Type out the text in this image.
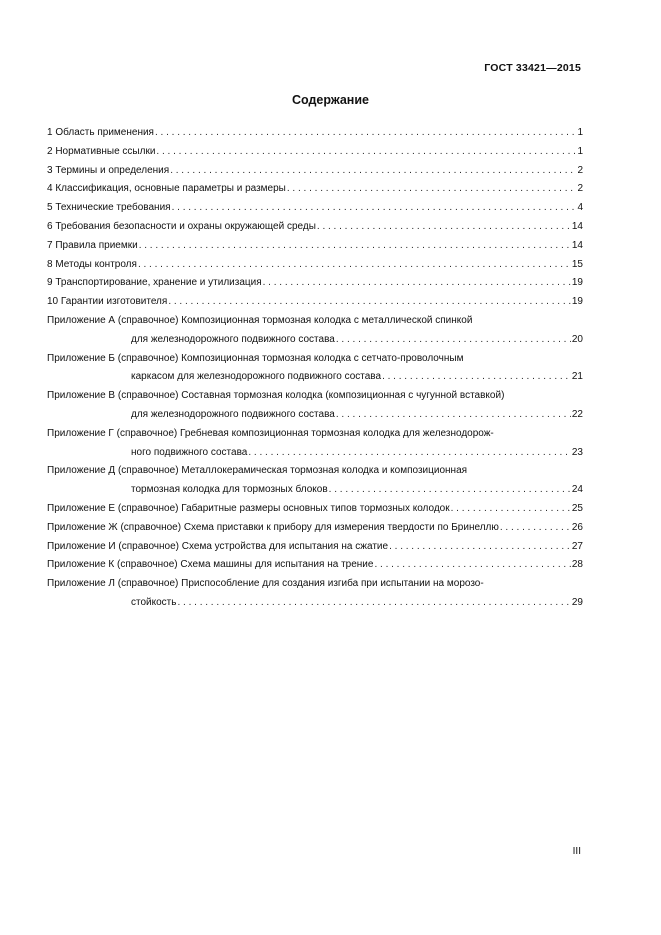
ГОСТ 33421—2015
Содержание
1 Область применения . . .	1
2 Нормативные ссылки . . .	1
3 Термины и определения . . .	2
4 Классификация, основные параметры и размеры . . .	2
5 Технические требования . . .	4
6 Требования безопасности и охраны окружающей среды . . .	14
7 Правила приемки . . .	14
8 Методы контроля . . .	15
9 Транспортирование, хранение и утилизация . . .	19
10 Гарантии изготовителя . . .	19
Приложение А (справочное) Композиционная тормозная колодка с металлической спинкой
для железнодорожного подвижного состава . . .	20
Приложение Б (справочное) Композиционная тормозная колодка с сетчато-проволочным
каркасом для железнодорожного подвижного состава . . .	21
Приложение В (справочное) Составная тормозная колодка (композиционная с чугунной вставкой)
для железнодорожного подвижного состава . . .	22
Приложение Г (справочное) Гребневая композиционная тормозная колодка для железнодорож-
ного подвижного состава . . .	23
Приложение Д (справочное) Металлокерамическая тормозная колодка и композиционная
тормозная колодка для тормозных блоков . . .	24
Приложение Е (справочное) Габаритные размеры основных типов тормозных колодок . . .	25
Приложение Ж (справочное) Схема приставки к прибору для измерения твердости по Бринеллю . . .	26
Приложение И (справочное) Схема устройства для испытания на сжатие . . .	27
Приложение К (справочное) Схема машины для испытания на трение . . .	28
Приложение Л (справочное) Приспособление для создания изгиба при испытании на морозо-
стойкость . . .	29
III
